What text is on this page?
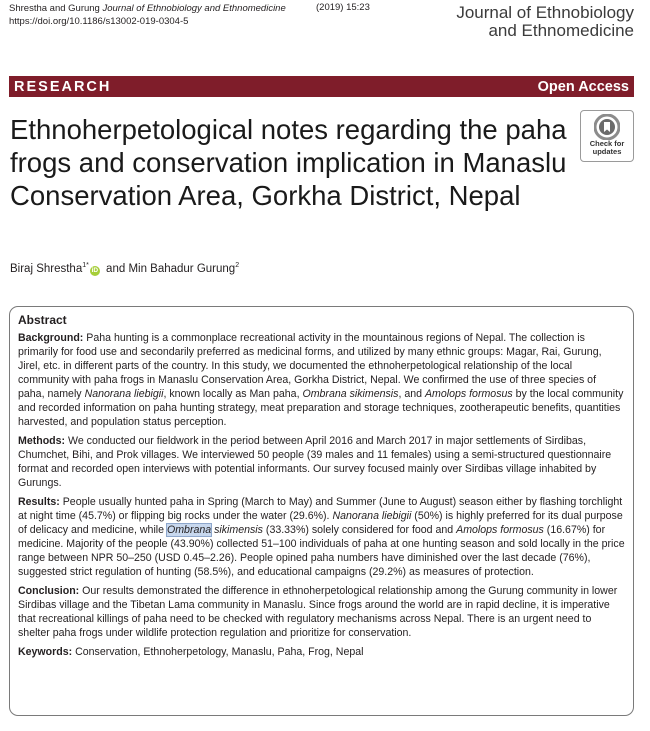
Shrestha and Gurung Journal of Ethnobiology and Ethnomedicine
https://doi.org/10.1186/s13002-019-0304-5
(2019) 15:23	Journal of Ethnobiology
and Ethnomedicine
RESEARCH	Open Access
Ethnoherpetological notes regarding the paha frogs and conservation implication in Manaslu Conservation Area, Gorkha District, Nepal
Check for
updates
Biraj Shrestha$^{1*}$iD and Min Bahadur Gurung$^2$
Abstract

Background: Paha hunting is a commonplace recreational activity in the mountainous regions of Nepal. The collection is primarily for food use and secondarily preferred as medicinal forms, and utilized by many ethnic groups: Magar, Rai, Gurung, Jirel, etc. in different parts of the country. In this study, we documented the ethnoherpetological relationship of the local community with paha frogs in Manaslu Conservation Area, Gorkha District, Nepal. We confirmed the use of three species of paha, namely Nanorana liebigii, known locally as Man paha, Ombrana sikimensis, and Amolops formosus by the local community and recorded information on paha hunting strategy, meat preparation and storage techniques, zootherapeutic benefits, quantities harvested, and population status perception.

Methods: We conducted our fieldwork in the period between April 2016 and March 2017 in major settlements of Sirdibas, Chumchet, Bihi, and Prok villages. We interviewed 50 people (39 males and 11 females) using a semi-structured questionnaire format and recorded open interviews with potential informants. Our survey focused mainly over Sirdibas village inhabited by Gurungs.

Results: People usually hunted paha in Spring (March to May) and Summer (June to August) season either by flashing torchlight at night time (45.7%) or flipping big rocks under the water (29.6%). Nanorana liebigii (50%) is highly preferred for its dual purpose of delicacy and medicine, while Ombrana sikimensis (33.33%) solely considered for food and Amolops formosus (16.67%) for medicine. Majority of the people (43.90%) collected 51–100 individuals of paha at one hunting season and sold locally in the price range between NPR 50–250 (USD 0.45–2.26). People opined paha numbers have diminished over the last decade (76%), suggested strict regulation of hunting (58.5%), and educational campaigns (29.2%) as measures of protection.

Conclusion: Our results demonstrated the difference in ethnoherpetological relationship among the Gurung community in lower Sirdibas village and the Tibetan Lama community in Manaslu. Since frogs around the world are in rapid decline, it is imperative that recreational killings of paha need to be checked with regulatory mechanisms across Nepal. There is an urgent need to shelter paha frogs under wildlife protection regulation and prioritize for conservation.

Keywords: Conservation, Ethnoherpetology, Manaslu, Paha, Frog, Nepal
